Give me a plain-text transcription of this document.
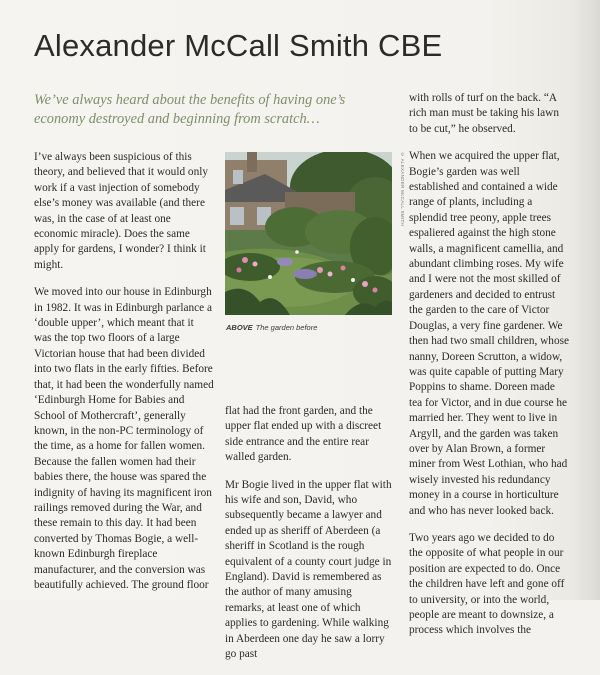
Alexander McCall Smith CBE
We’ve always heard about the benefits of having one’s economy destroyed and beginning from scratch…

I’ve always been suspicious of this theory, and believed that it would only work if a vast injection of somebody else’s money was available (and there was, in the case of at least one economic miracle). Does the same apply for gardens, I wonder? I think it might.

We moved into our house in Edinburgh in 1982. It was in Edinburgh parlance a ‘double upper’, which meant that it was the top two floors of a large Victorian house that had been divided into two flats in the early fifties. Before that, it had been the wonderfully named ‘Edinburgh Home for Babies and School of Mothercraft’, generally known, in the non-PC terminology of the time, as a home for fallen women. Because the fallen women had their babies there, the house was spared the indignity of having its magnificent iron railings removed during the War, and these remain to this day. It had been converted by Thomas Bogie, a well-known Edinburgh fireplace manufacturer, and the conversion was beautifully achieved. The ground floor

© ALEXANDER McCALL SMITH
ABOVE The garden before

flat had the front garden, and the upper flat ended up with a discreet side entrance and the entire rear walled garden.

Mr Bogie lived in the upper flat with his wife and son, David, who subsequently became a lawyer and ended up as sheriff of Aberdeen (a sheriff in Scotland is the rough equivalent of a county court judge in England). David is remembered as the author of many amusing remarks, at least one of which applies to gardening. While walking in Aberdeen one day he saw a lorry go past

with rolls of turf on the back. “A rich man must be taking his lawn to be cut,” he observed.

When we acquired the upper flat, Bogie’s garden was well established and contained a wide range of plants, including a splendid tree peony, apple trees espaliered against the high stone walls, a magnificent camellia, and abundant climbing roses. My wife and I were not the most skilled of gardeners and decided to entrust the garden to the care of Victor Douglas, a very fine gardener. We then had two small children, whose nanny, Doreen Scrutton, a widow, was quite capable of putting Mary Poppins to shame. Doreen made tea for Victor, and in due course he married her. They went to live in Argyll, and the garden was taken over by Alan Brown, a former miner from West Lothian, who had wisely invested his redundancy money in a course in horticulture and who has never looked back.

Two years ago we decided to do the opposite of what people in our position are expected to do. Once the children have left and gone off to university, or into the world, people are meant to downsize, a process which involves the
